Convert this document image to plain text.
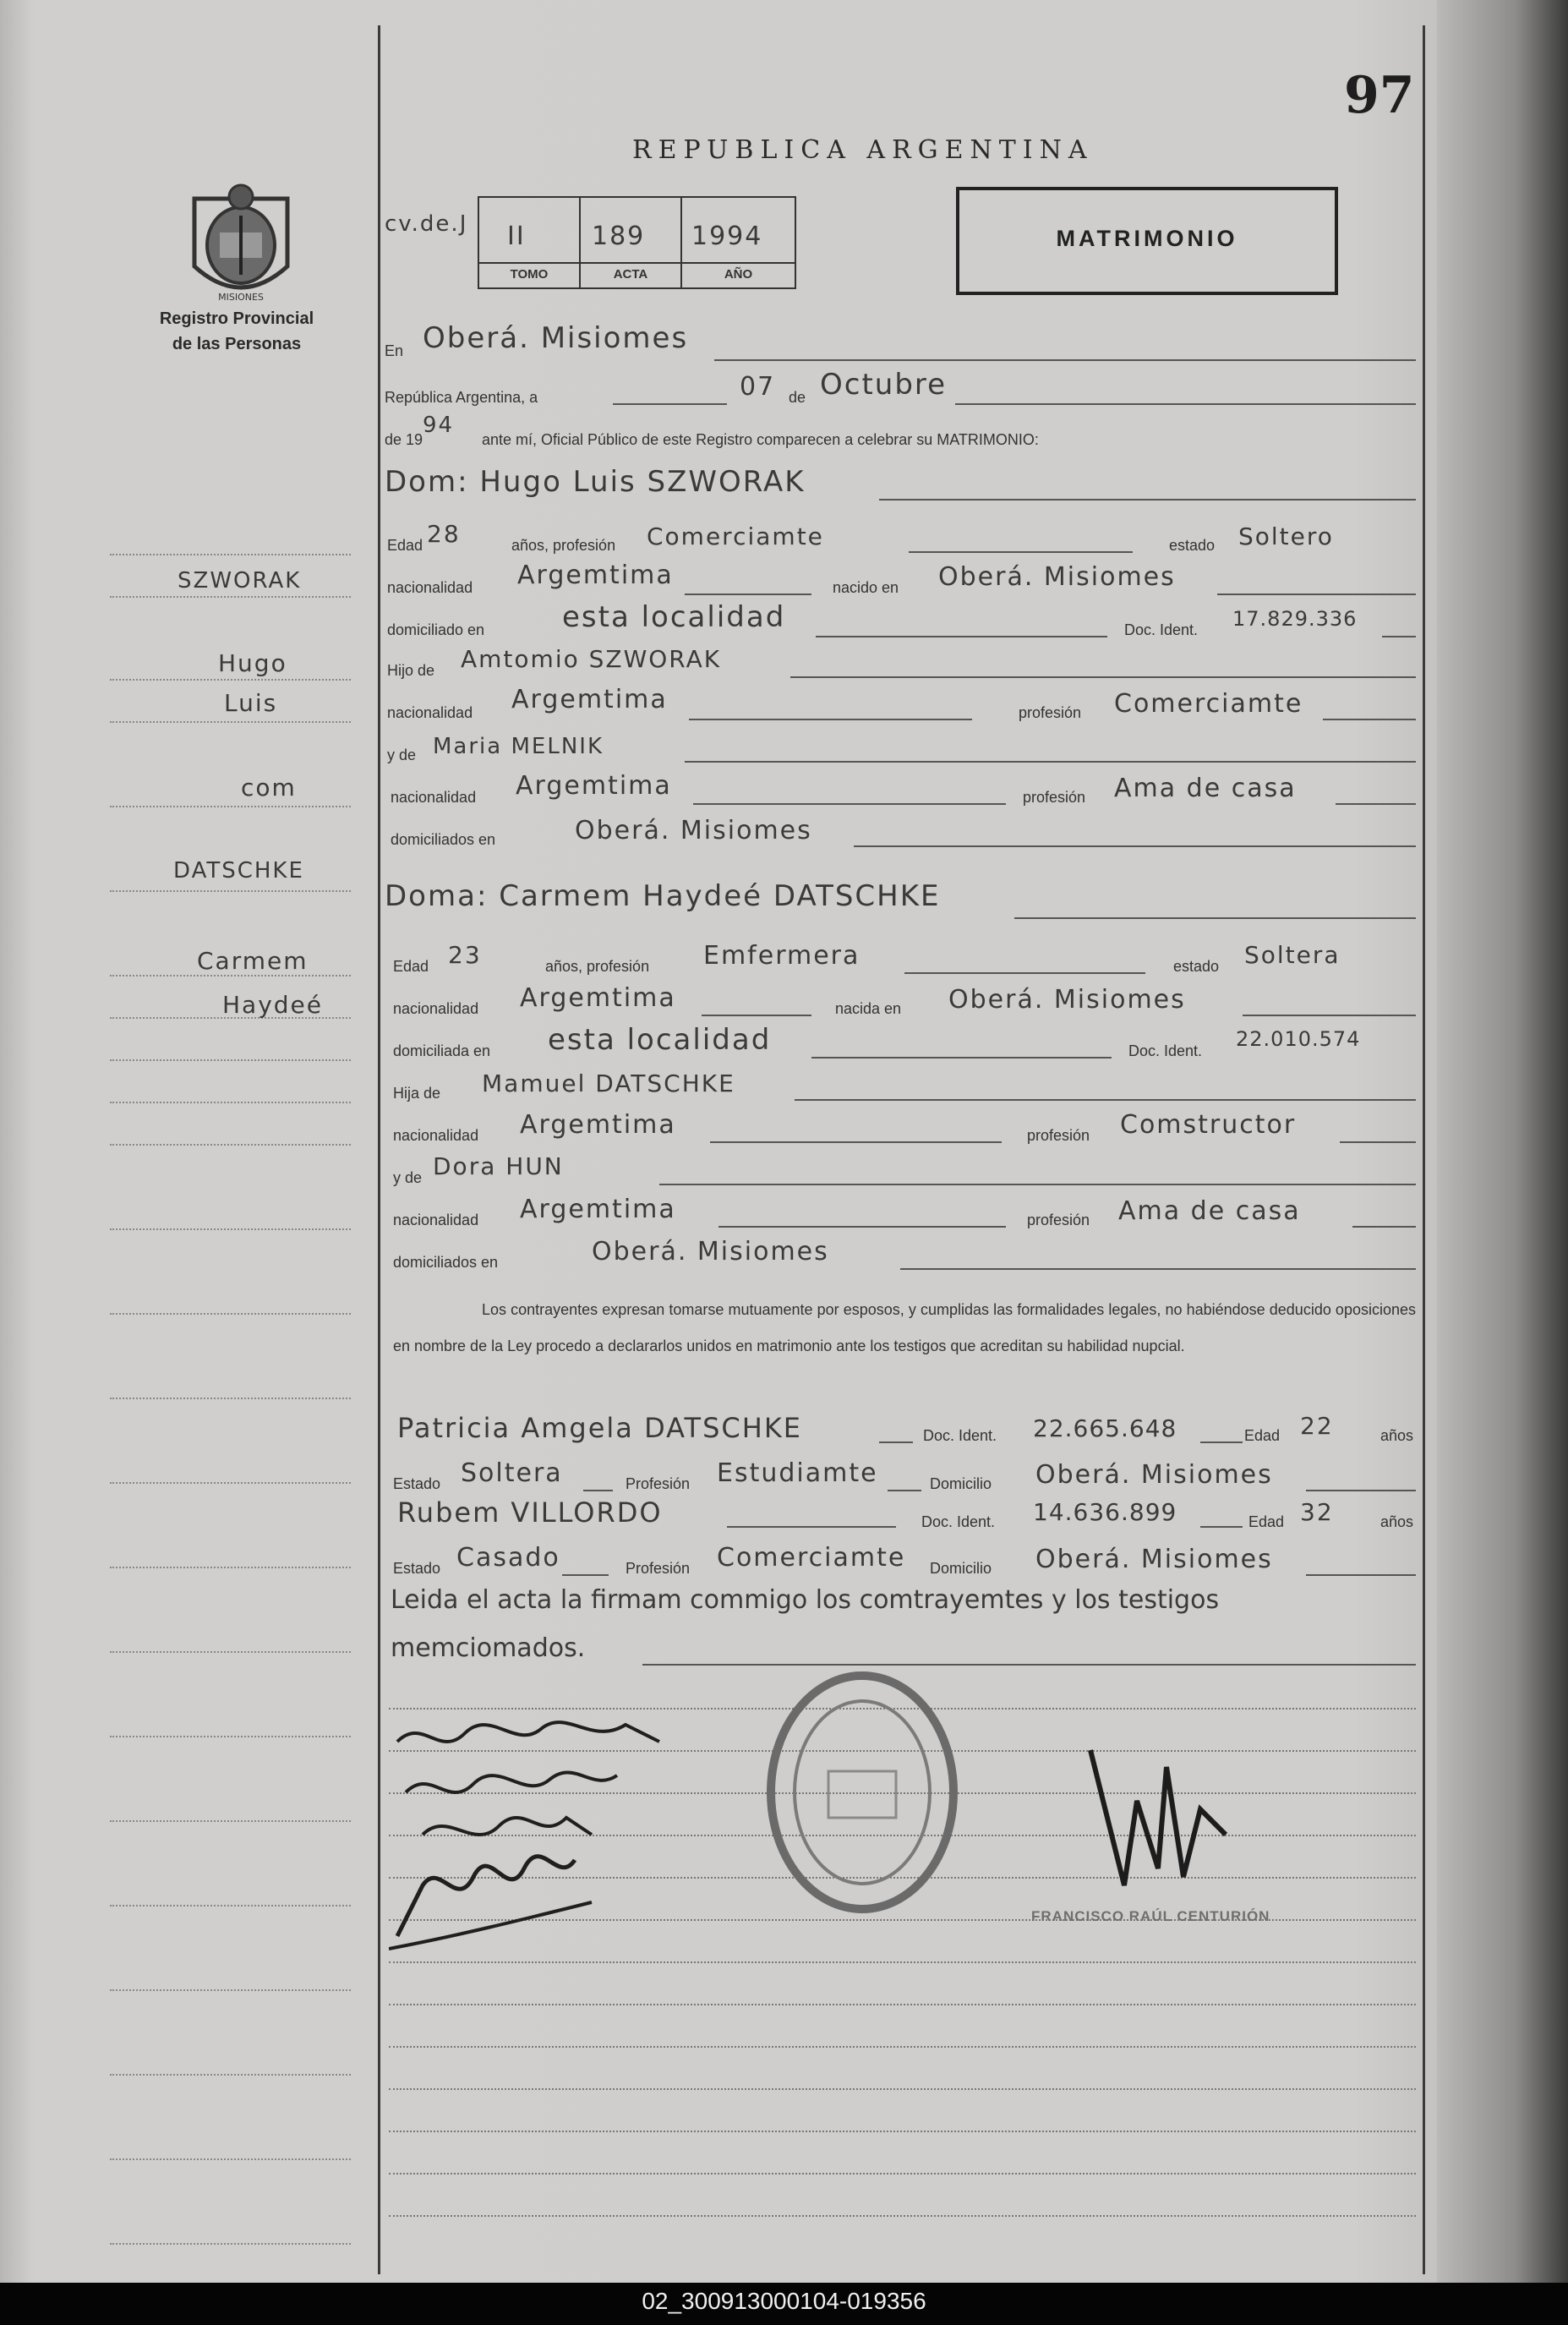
97
REPUBLICA ARGENTINA
MATRIMONIO
MISIONES
Registro Provincial
de las Personas
cv.de.J II	189 1994
TOMO	ACTA	AÑO
SZWORAK
Hugo
Luis
com
DATSCHKE
Carmem
Haydeé
En Oberá. Misiomes
República Argentina, a	07 de Octubre
de 19
94
ante mí, Oficial Público de este Registro comparecen a celebrar su MATRIMONIO:
Dom: Hugo Luis SZWORAK
Edad 28	años, profesión Comerciamte	estado Soltero
nacionalidad Argemtima	nacido en Oberá. Misiomes
domiciliado en	esta localidad	Doc. Ident. 17.829.336
Hijo de Amtomio SZWORAK
nacionalidad Argemtima	profesión Comerciamte
y de Maria MELNIK
nacionalidad Argemtima	profesión Ama de casa
domiciliados en	Oberá. Misiomes
Doma: Carmem Haydeé DATSCHKE
Edad 23	años, profesión Emfermera	estado Soltera
nacionalidad Argemtima	nacida en Oberá. Misiomes
domiciliada en esta localidad	Doc. Ident. 22.010.574
Hija de Mamuel DATSCHKE
nacionalidad Argemtima	profesión Comstructor
y de Dora HUN
nacionalidad Argemtima	profesión Ama de casa
domiciliados en	Oberá. Misiomes
Los contrayentes expresan tomarse mutuamente por esposos, y cumplidas las formalidades legales, no habiéndose deducido oposiciones en nombre de la Ley procedo a declararlos unidos en matrimonio ante los testigos que acreditan su habilidad nupcial.
Patricia Amgela DATSCHKE	Doc. Ident. 22.665.648	Edad 22	años
Estado Soltera	Profesión Estudiamte	Domicilio Oberá. Misiomes
Rubem VILLORDO	Doc. Ident. 14.636.899	Edad 32	años
Estado Casado	Profesión Comerciamte Domicilio Oberá. Misiomes
Leida el acta la firmam commigo los comtrayemtes y los testigos
memciomados.
FRANCISCO RAÚL CENTURIÓN
02_300913000104-019356
